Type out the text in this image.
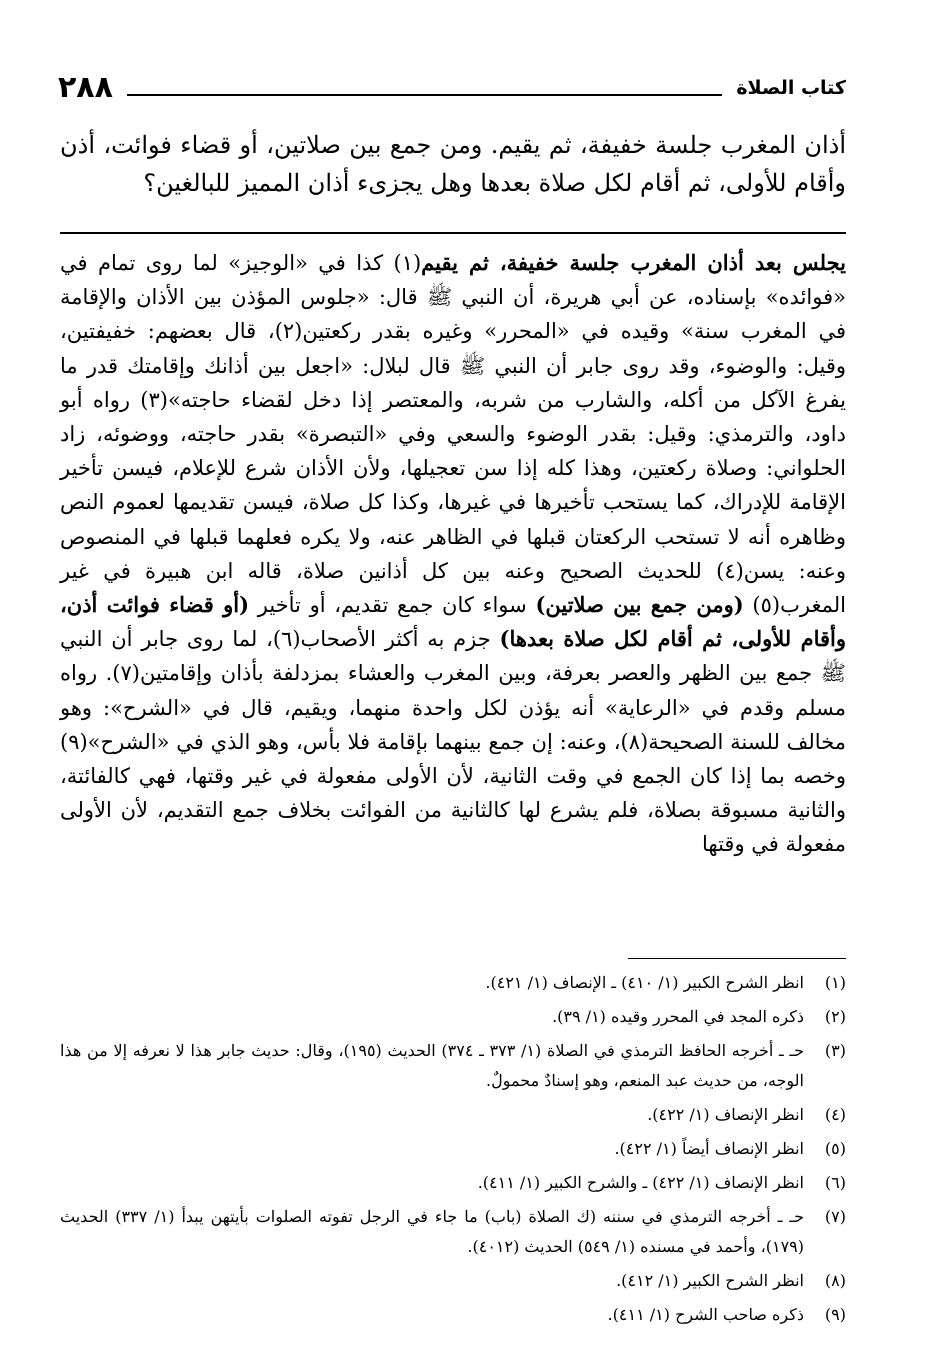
كتاب الصلاة
٢٨٨
أذان المغرب جلسة خفيفة، ثم يقيم. ومن جمع بين صلاتين، أو قضاء فوائت، أذن وأقام للأولى، ثم أقام لكل صلاة بعدها وهل يجزىء أذان المميز للبالغين؟
يجلس بعد أذان المغرب جلسة خفيفة، ثم يقيم(١) كذا في «الوجيز» لما روى تمام في «فوائده» بإسناده، عن أبي هريرة، أن النبي ﷺ قال: «جلوس المؤذن بين الأذان والإقامة في المغرب سنة» وقيده في «المحرر» وغيره بقدر ركعتين(٢)، قال بعضهم: خفيفتين، وقيل: والوضوء، وقد روى جابر أن النبي ﷺ قال لبلال: «اجعل بين أذانك وإقامتك قدر ما يفرغ الآكل من أكله، والشارب من شربه، والمعتصر إذا دخل لقضاء حاجته»(٣) رواه أبو داود، والترمذي: وقيل: بقدر الوضوء والسعي وفي «التبصرة» بقدر حاجته، ووضوئه، زاد الحلواني: وصلاة ركعتين، وهذا كله إذا سن تعجيلها، ولأن الأذان شرع للإعلام، فيسن تأخير الإقامة للإدراك، كما يستحب تأخيرها في غيرها، وكذا كل صلاة، فيسن تقديمها لعموم النص وظاهره أنه لا تستحب الركعتان قبلها في الظاهر عنه، ولا يكره فعلهما قبلها في المنصوص وعنه: يسن(٤) للحديث الصحيح وعنه بين كل أذانين صلاة، قاله ابن هبيرة في غير المغرب(٥) (ومن جمع بين صلاتين) سواء كان جمع تقديم، أو تأخير (أو قضاء فوائت أذن، وأقام للأولى، ثم أقام لكل صلاة بعدها) جزم به أكثر الأصحاب(٦)، لما روى جابر أن النبي ﷺ جمع بين الظهر والعصر بعرفة، وبين المغرب والعشاء بمزدلفة بأذان وإقامتين(٧). رواه مسلم وقدم في «الرعاية» أنه يؤذن لكل واحدة منهما، ويقيم، قال في «الشرح»: وهو مخالف للسنة الصحيحة(٨)، وعنه: إن جمع بينهما بإقامة فلا بأس، وهو الذي في «الشرح»(٩) وخصه بما إذا كان الجمع في وقت الثانية، لأن الأولى مفعولة في غير وقتها، فهي كالفائتة، والثانية مسبوقة بصلاة، فلم يشرع لها كالثانية من الفوائت بخلاف جمع التقديم، لأن الأولى مفعولة في وقتها
(١)
انظر الشرح الكبير (١/ ٤١٠) ـ الإنصاف (١/ ٤٢١).
(٢)
ذكره المجد في المحرر وقيده (١/ ٣٩).
(٣)
حـ ـ أخرجه الحافظ الترمذي في الصلاة (١/ ٣٧٣ ـ ٣٧٤) الحديث (١٩٥)، وقال: حديث جابر هذا لا نعرفه إلا من هذا الوجه، من حديث عبد المنعم، وهو إسنادٌ محمولٌ.
(٤)
انظر الإنصاف (١/ ٤٢٢).
(٥)
انظر الإنصاف أيضاً (١/ ٤٢٢).
(٦)
انظر الإنصاف (١/ ٤٢٢) ـ والشرح الكبير (١/ ٤١١).
(٧)
حـ ـ أخرجه الترمذي في سننه (ك الصلاة (باب) ما جاء في الرجل تفوته الصلوات بأيتهن يبدأ (١/ ٣٣٧) الحديث (١٧٩)، وأحمد في مسنده (١/ ٥٤٩) الحديث (٤٠١٢).
(٨)
انظر الشرح الكبير (١/ ٤١٢).
(٩)
ذكره صاحب الشرح (١/ ٤١١).
